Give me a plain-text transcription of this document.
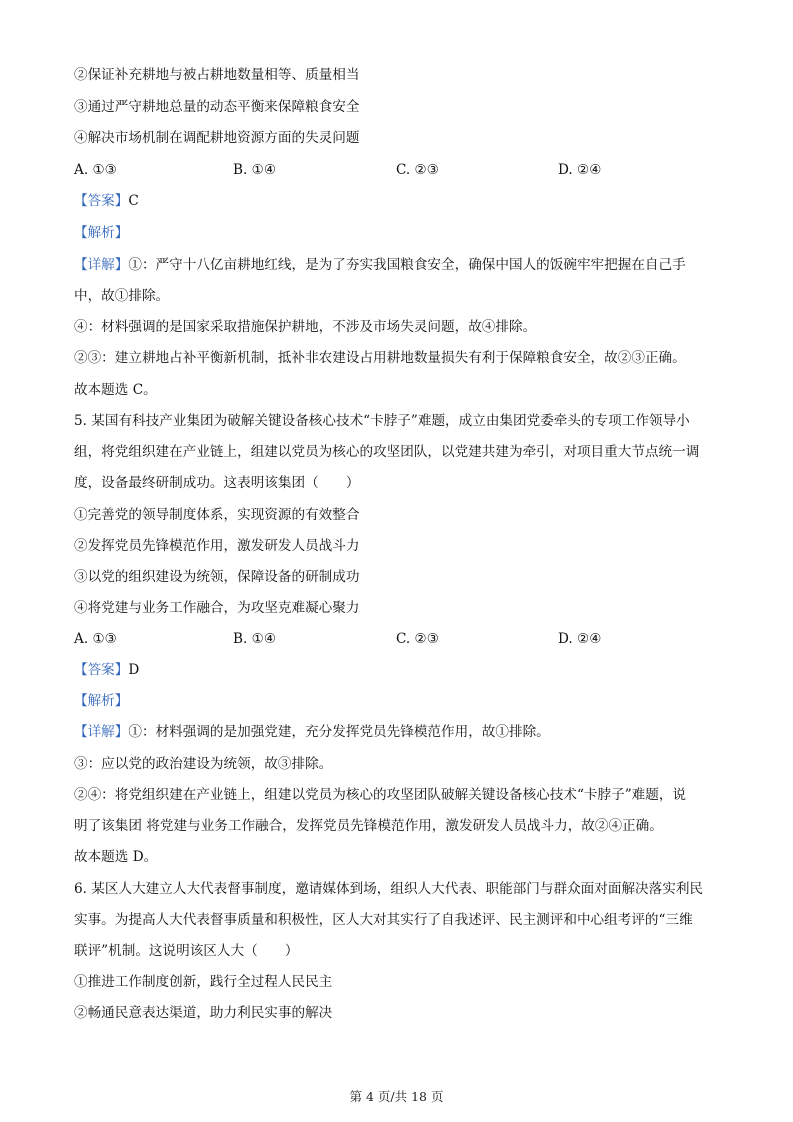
②保证补充耕地与被占耕地数量相等、质量相当
③通过严守耕地总量的动态平衡来保障粮食安全
④解决市场机制在调配耕地资源方面的失灵问题
A. ①③	B. ①④	C. ②③	D. ②④
【答案】C
【解析】
【详解】①：严守十八亿亩耕地红线，是为了夯实我国粮食安全，确保中国人的饭碗牢牢把握在自己手
中，故①排除。
④：材料强调的是国家采取措施保护耕地，不涉及市场失灵问题，故④排除。
②③：建立耕地占补平衡新机制，抵补非农建设占用耕地数量损失有利于保障粮食安全，故②③正确。
故本题选 C。
5. 某国有科技产业集团为破解关键设备核心技术“卡脖子”难题，成立由集团党委牵头的专项工作领导小
组，将党组织建在产业链上，组建以党员为核心的攻坚团队，以党建共建为牵引，对项目重大节点统一调
度，设备最终研制成功。这表明该集团（　　）
①完善党的领导制度体系，实现资源的有效整合
②发挥党员先锋模范作用，激发研发人员战斗力
③以党的组织建设为统领，保障设备的研制成功
④将党建与业务工作融合，为攻坚克难凝心聚力
A. ①③	B. ①④	C. ②③	D. ②④
【答案】D
【解析】
【详解】①：材料强调的是加强党建，充分发挥党员先锋模范作用，故①排除。
③：应以党的政治建设为统领，故③排除。
②④：将党组织建在产业链上，组建以党员为核心的攻坚团队破解关键设备核心技术“卡脖子”难题，说
明了该集团 将党建与业务工作融合，发挥党员先锋模范作用，激发研发人员战斗力，故②④正确。
故本题选 D。
6. 某区人大建立人大代表督事制度，邀请媒体到场，组织人大代表、职能部门与群众面对面解决落实利民
实事。为提高人大代表督事质量和积极性，区人大对其实行了自我述评、民主测评和中心组考评的“三维
联评”机制。这说明该区人大（　　）
①推进工作制度创新，践行全过程人民民主
②畅通民意表达渠道，助力利民实事的解决
第 4 页/共 18 页
